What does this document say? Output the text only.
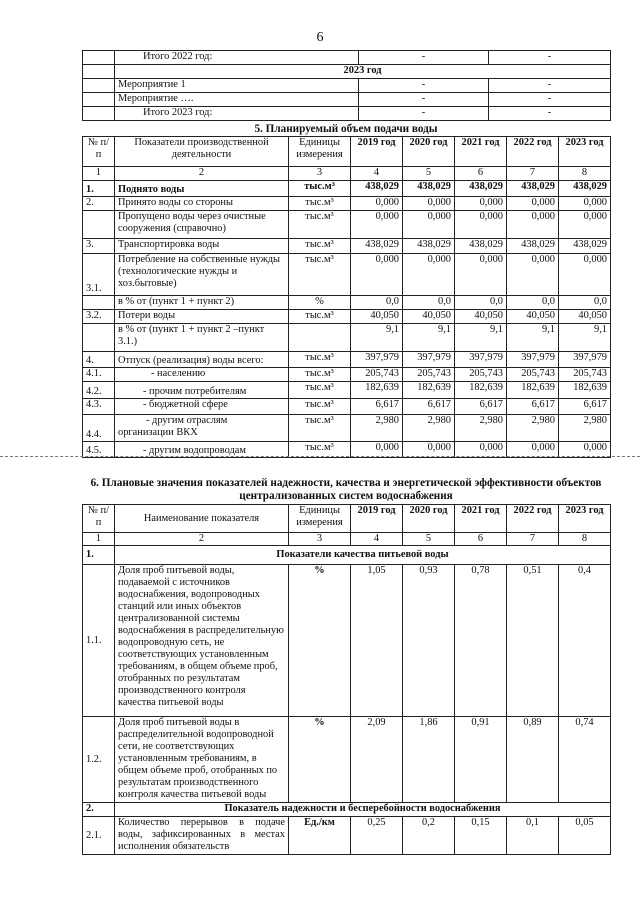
6
	Итого 2022 год:	-	-
	2023 год		
	Мероприятие 1	-	-
	Мероприятие ….	-	-
	Итого 2023 год:	-	-
5. Планируемый объем подачи воды
№ п/п	Показатели производственной деятельности	Единицы измерения	2019 год	2020 год	2021 год	2022 год	2023 год
1	2	3	4	5	6	7	8
1.	Поднято воды	тыс.м³	438,029	438,029	438,029	438,029	438,029
2.	Принято воды со стороны	тыс.м³	0,000	0,000	0,000	0,000	0,000
	Пропущено воды через очистные сооружения (справочно)	тыс.м³	0,000	0,000	0,000	0,000	0,000
3.	Транспортировка воды	тыс.м³	438,029	438,029	438,029	438,029	438,029
3.1.	Потребление на собственные нужды (технологические нужды и хоз.бытовые)	тыс.м³	0,000	0,000	0,000	0,000	0,000
	в % от (пункт 1 + пункт 2)	%	0,0	0,0	0,0	0,0	0,0
3.2.	Потери воды	тыс.м³	40,050	40,050	40,050	40,050	40,050
	в % от (пункт 1 + пункт 2 –пункт 3.1.)		9,1	9,1	9,1	9,1	9,1
4.	Отпуск (реализация) воды всего:	тыс.м³	397,979	397,979	397,979	397,979	397,979
4.1.	- населению	тыс.м³	205,743	205,743	205,743	205,743	205,743
4.2.	- прочим потребителям	тыс.м³	182,639	182,639	182,639	182,639	182,639
4.3.	- бюджетной сфере	тыс.м³	6,617	6,617	6,617	6,617	6,617
4.4.	- другим отраслям организации ВКХ	тыс.м³	2,980	2,980	2,980	2,980	2,980
4.5.	- другим водопроводам	тыс.м³	0,000	0,000	0,000	0,000	0,000
6. Плановые значения показателей надежности, качества и энергетической эффективности объектов централизованных систем водоснабжения
№ п/п	Наименование показателя	Единицы измерения	2019 год	2020 год	2021 год	2022 год	2023 год
1	2	3	4	5	6	7	8
1.	Показатели качества питьевой воды						
1.1.	Доля проб питьевой воды, подаваемой с источников водоснабжения, водопроводных станций или иных объектов централизованной системы водоснабжения в распределительную водопроводную сеть, не соответствующих установленным требованиям, в общем объеме проб, отобранных по результатам производственного контроля качества питьевой воды	%	1,05	0,93	0,78	0,51	0,4
1.2.	Доля проб питьевой воды в распределительной водопроводной сети, не соответствующих установленным требованиям, в общем объеме проб, отобранных по результатам производственного контроля качества питьевой воды	%	2,09	1,86	0,91	0,89	0,74
2.	Показатель надежности и бесперебойности водоснабжения						
2.1.	Количество перерывов в подаче воды, зафиксированных в местах исполнения обязательств	Ед./км	0,25	0,2	0,15	0,1	0,05
